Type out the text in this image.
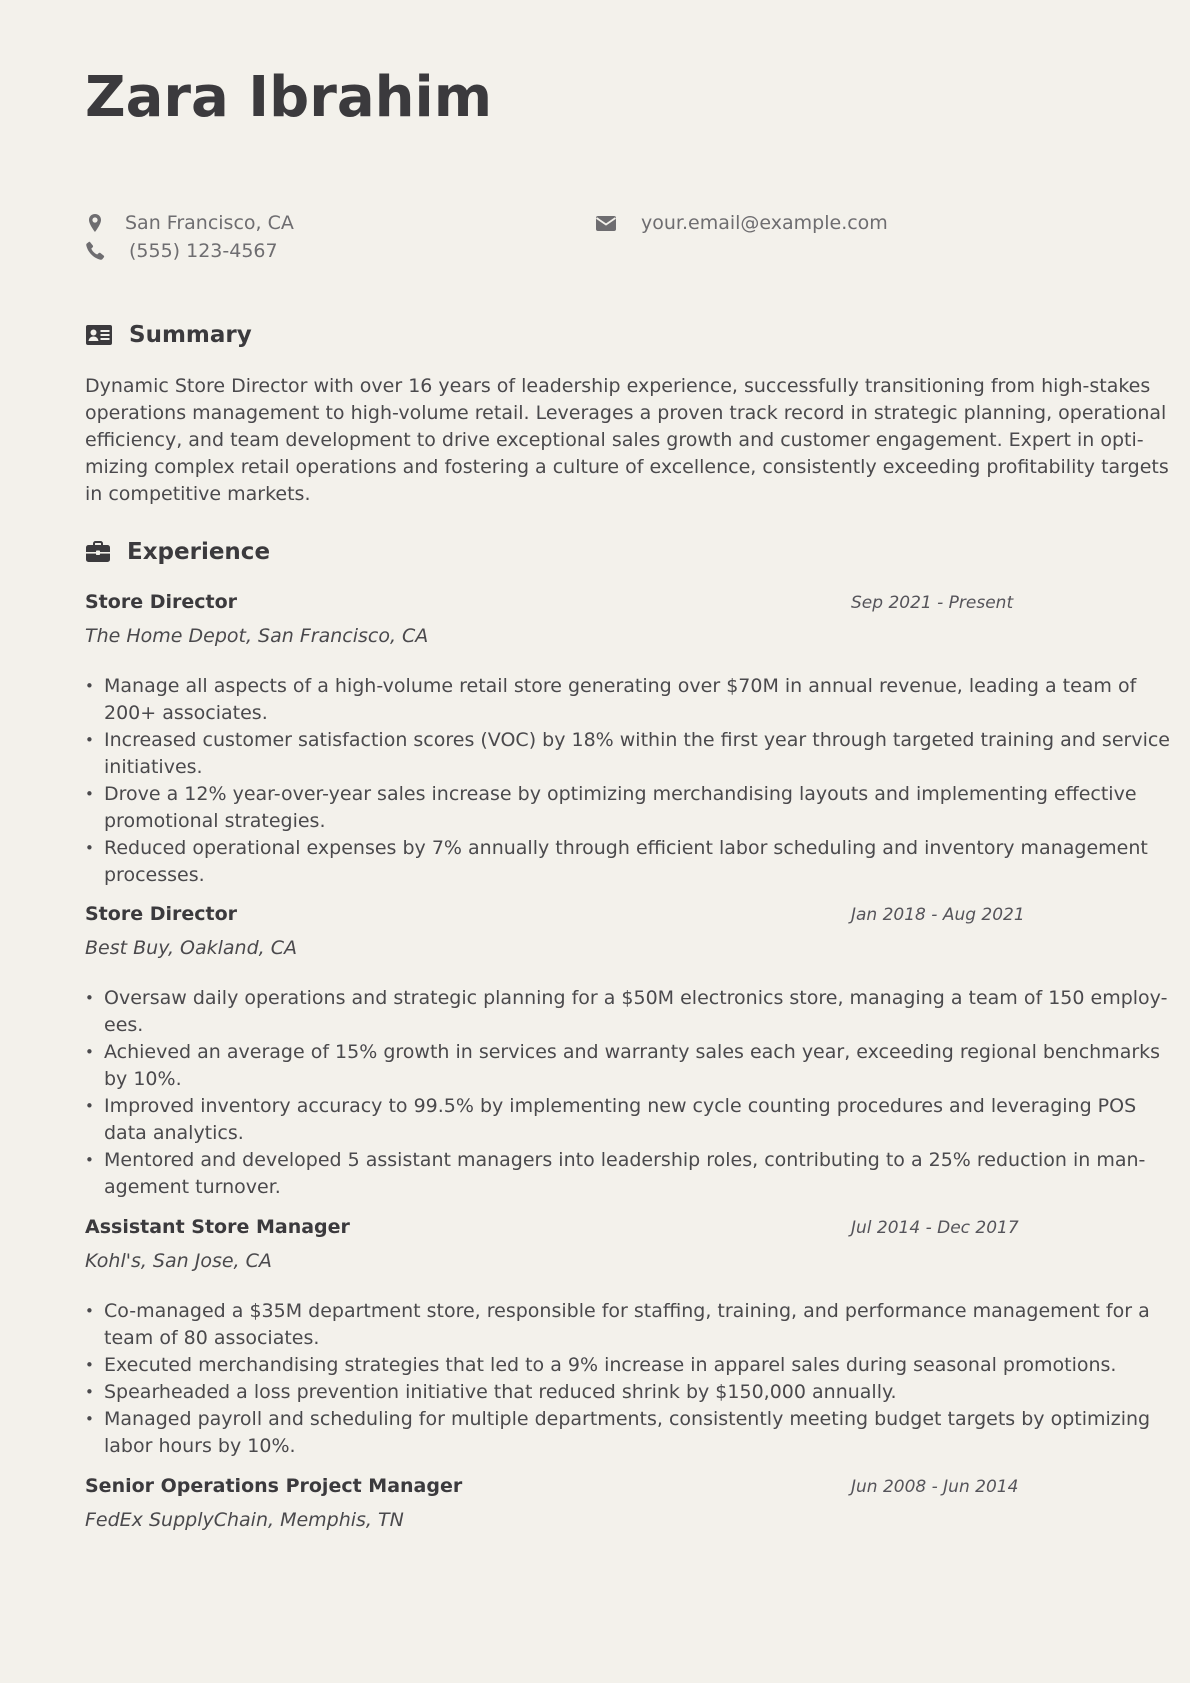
Zara Ibrahim
San Francisco, CA
(555) 123-4567
your.email@example.com
Summary
Dynamic Store Director with over 16 years of leadership experience, successfully transitioning from high-stakes
operations management to high-volume retail. Leverages a proven track record in strategic planning, operational
efficiency, and team development to drive exceptional sales growth and customer engagement. Expert in opti-
mizing complex retail operations and fostering a culture of excellence, consistently exceeding profitability targets
in competitive markets.
Experience
Store Director	Sep 2021 - Present
The Home Depot, San Francisco, CA
• Manage all aspects of a high-volume retail store generating over $70M in annual revenue, leading a team of
200+ associates.
• Increased customer satisfaction scores (VOC) by 18% within the first year through targeted training and service
initiatives.
• Drove a 12% year-over-year sales increase by optimizing merchandising layouts and implementing effective
promotional strategies.
• Reduced operational expenses by 7% annually through efficient labor scheduling and inventory management
processes.
Store Director	Jan 2018 - Aug 2021
Best Buy, Oakland, CA
• Oversaw daily operations and strategic planning for a $50M electronics store, managing a team of 150 employ-
ees.
• Achieved an average of 15% growth in services and warranty sales each year, exceeding regional benchmarks
by 10%.
• Improved inventory accuracy to 99.5% by implementing new cycle counting procedures and leveraging POS
data analytics.
• Mentored and developed 5 assistant managers into leadership roles, contributing to a 25% reduction in man-
agement turnover.
Assistant Store Manager	Jul 2014 - Dec 2017
Kohl's, San Jose, CA
• Co-managed a $35M department store, responsible for staffing, training, and performance management for a
team of 80 associates.
• Executed merchandising strategies that led to a 9% increase in apparel sales during seasonal promotions.
• Spearheaded a loss prevention initiative that reduced shrink by $150,000 annually.
• Managed payroll and scheduling for multiple departments, consistently meeting budget targets by optimizing
labor hours by 10%.
Senior Operations Project Manager	Jun 2008 - Jun 2014
FedEx SupplyChain, Memphis, TN
